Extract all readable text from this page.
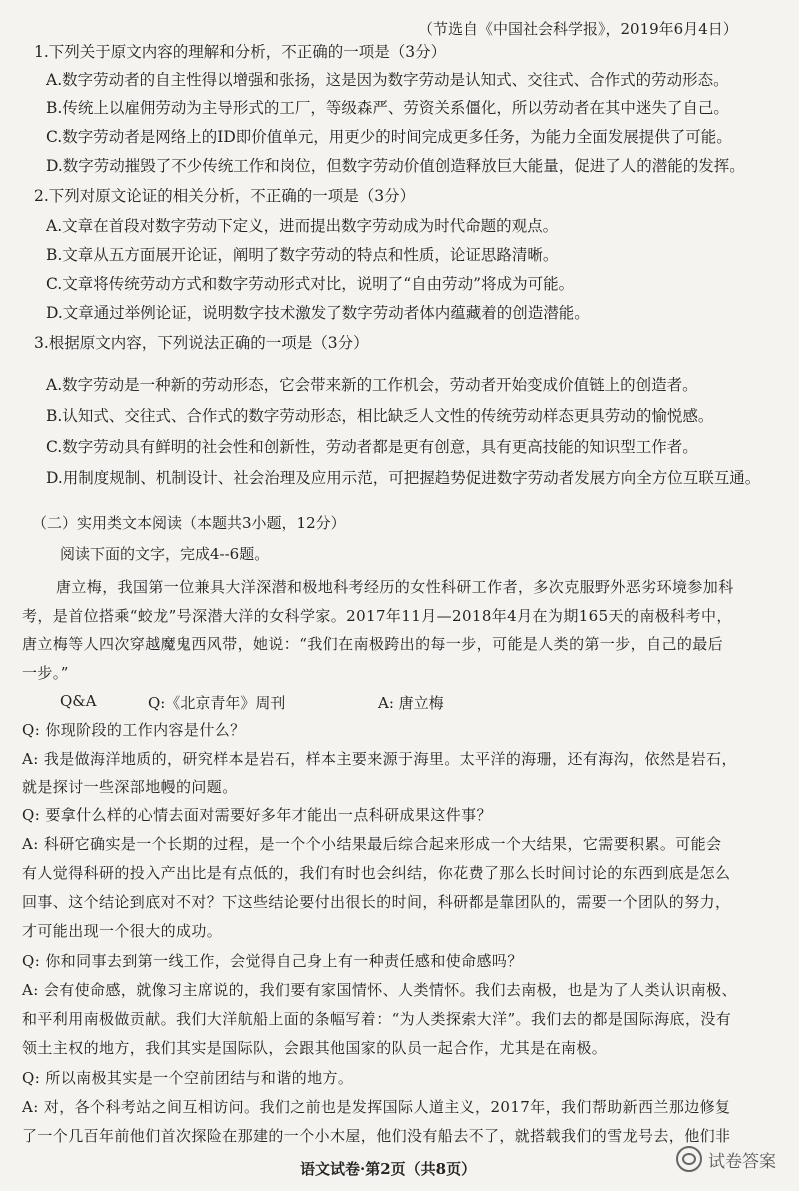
（节选自《中国社会科学报》，2019年6月4日）
1.下列关于原文内容的理解和分析，不正确的一项是（3分）
A.数字劳动者的自主性得以增强和张扬，这是因为数字劳动是认知式、交往式、合作式的劳动形态。
B.传统上以雇佣劳动为主导形式的工厂，等级森严、劳资关系僵化，所以劳动者在其中迷失了自己。
C.数字劳动者是网络上的ID即价值单元，用更少的时间完成更多任务，为能力全面发展提供了可能。
D.数字劳动摧毁了不少传统工作和岗位，但数字劳动价值创造释放巨大能量，促进了人的潜能的发挥。
2.下列对原文论证的相关分析，不正确的一项是（3分）
A.文章在首段对数字劳动下定义，进而提出数字劳动成为时代命题的观点。
B.文章从五方面展开论证，阐明了数字劳动的特点和性质，论证思路清晰。
C.文章将传统劳动方式和数字劳动形式对比，说明了“自由劳动”将成为可能。
D.文章通过举例论证，说明数字技术激发了数字劳动者体内蕴藏着的创造潜能。
3.根据原文内容，下列说法正确的一项是（3分）
A.数字劳动是一种新的劳动形态，它会带来新的工作机会，劳动者开始变成价值链上的创造者。
B.认知式、交往式、合作式的数字劳动形态，相比缺乏人文性的传统劳动样态更具劳动的愉悦感。
C.数字劳动具有鲜明的社会性和创新性，劳动者都是更有创意，具有更高技能的知识型工作者。
D.用制度规制、机制设计、社会治理及应用示范，可把握趋势促进数字劳动者发展方向全方位互联互通。
（二）实用类文本阅读（本题共3小题，12分）
阅读下面的文字，完成4--6题。
唐立梅，我国第一位兼具大洋深潜和极地科考经历的女性科研工作者，多次克服野外恶劣环境参加科
考，是首位搭乘“蛟龙”号深潜大洋的女科学家。2017年11月—2018年4月在为期165天的南极科考中，
唐立梅等人四次穿越魔鬼西风带，她说：“我们在南极跨出的每一步，可能是人类的第一步，自己的最后
一步。”
Q&A	Q:《北京青年》周刊	A: 唐立梅
Q: 你现阶段的工作内容是什么？
A: 我是做海洋地质的，研究样本是岩石，样本主要来源于海里。太平洋的海珊，还有海沟，依然是岩石，
就是探讨一些深部地幔的问题。
Q: 要拿什么样的心情去面对需要好多年才能出一点科研成果这件事？
A: 科研它确实是一个长期的过程，是一个个小结果最后综合起来形成一个大结果，它需要积累。可能会
有人觉得科研的投入产出比是有点低的，我们有时也会纠结，你花费了那么长时间讨论的东西到底是怎么
回事、这个结论到底对不对？下这些结论要付出很长的时间，科研都是靠团队的，需要一个团队的努力，
才可能出现一个很大的成功。
Q: 你和同事去到第一线工作，会觉得自己身上有一种责任感和使命感吗？
A: 会有使命感，就像习主席说的，我们要有家国情怀、人类情怀。我们去南极，也是为了人类认识南极、
和平利用南极做贡献。我们大洋航船上面的条幅写着：“为人类探索大洋”。我们去的都是国际海底，没有
领土主权的地方，我们其实是国际队，会跟其他国家的队员一起合作，尤其是在南极。
Q: 所以南极其实是一个空前团结与和谐的地方。
A: 对，各个科考站之间互相访问。我们之前也是发挥国际人道主义，2017年，我们帮助新西兰那边修复
了一个几百年前他们首次探险在那建的一个小木屋，他们没有船去不了，就搭载我们的雪龙号去，他们非
语文试卷·第2页（共8页）	试卷答案
